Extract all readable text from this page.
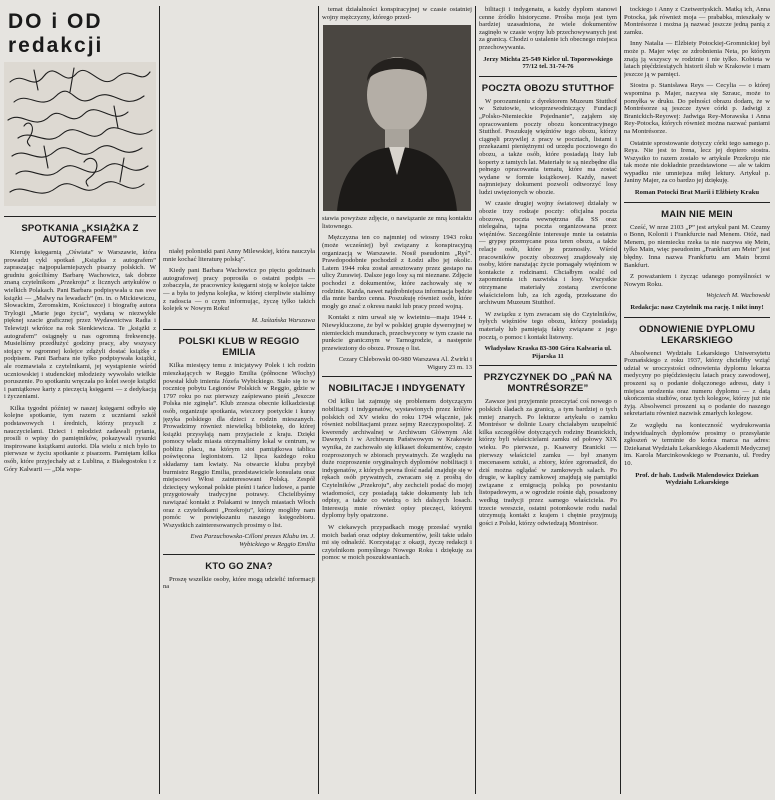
DO i OD
redakcji
SPOTKANIA „KSIĄŻKA Z AUTOGRAFEM”

Kieruję księgarnią „Oświata” w Warszawie, która prowadzi cykl spotkań „Książka z autografem” zapraszając najpopularniejszych pisarzy polskich. W grudniu gościliśmy Barbarę Wachowicz, tak dobrze znaną czytelnikom „Przekroju” z licznych artykułów o wielkich Polakach. Pani Barbara podpisywała u nas swe książki — „Malwy na lewadach” (m. in. o Mickiewiczu, Słowackim, Żeromskim, Kościuszce) i biografię autora Trylogii „Marie jego życia”, wydaną w niezwykłe pięknej szacie graficznej przez Wydawnictwa Radia i Telewizji wkrótce na rok Sienkiewicza. Te „książki z autografem” osiągnęły u nas ogromną frekwencję. Musieliśmy przedłużyć godziny pracy, aby wszyscy stojący w ogromnej kolejce zdążyli dostać książkę z podpisem. Pani Barbara nie tylko podpisywała książki, ale rozmawiała z czytelnikami, jej wystąpienie wśród uczniowskiej i studenckiej młodzieży wywołało wielkie poruszenie. Po spotkaniu wręczała po kolei swoje książki i pamiątkowe karty z pieczęcią księgarni — z dedykacją i życzeniami.

Kilka tygodni później w naszej księgarni odbyło się kolejne spotkanie, tym razem z uczniami szkół podstawowych i średnich, którzy przyszli z nauczycielami. Dzieci i młodzież zadawali pytania, prosili o wpisy do pamiętników, pokazywali rysunki inspirowane książkami autorki. Dla wielu z nich było to pierwsze w życiu spotkanie z pisarzem. Pamiętam kilka osób, które przyjechały aż z Lublina, z Białegostoku i z Góry Kalwarii — „Dla wspa-

niałej polonistki pani Anny Milewskiej, która nauczyła mnie kochać literaturę polską”.

Kiedy pani Barbara Wachowicz po pięciu godzinach autografowej pracy poprosiła o ostatni podpis — zobaczyła, że pracownicy księgarni stoją w kolejce także — a była to jedyna kolejka, w której cierpliwie staliśmy z radoscia — o czym informując, życzę tylko takich kolejek w Nowym Roku!

M. Jaśtańska Warszawa

POLSKI KLUB W REGGIO EMILIA

Kilka miesięcy temu z inicjatywy Polek i ich rodzin mieszkających w Reggio Emilia (północne Włochy) powstał klub imienia Józefa Wybickiego. Stało się to w rocznicę pobytu Legionów Polskich w Reggio, gdzie w 1797 roku po raz pierwszy zaśpiewano pieśń „Jeszcze Polska nie zginęła”. Klub zrzesza obecnie kilkadziesiąt osób, organizuje spotkania, wieczory poetyckie i kursy języka polskiego dla dzieci z rodzin mieszanych. Prowadzimy również niewielką bibliotekę, do której książki przysyłają nam przyjaciele z kraju. Dzięki pomocy władz miasta otrzymaliśmy lokal w centrum, w pobliżu placu, na którym stoi pamiątkowa tablica poświęcona legionistom. 12 lipca każdego roku składamy tam kwiaty. Na otwarcie klubu przybył burmistrz Reggio Emilia, przedstawiciele konsulatu oraz miejscowi Włosi zainteresowani Polską. Zespół dziecięcy wykonał polskie pieśni i tańce ludowe, a panie przygotowały tradycyjne potrawy. Chcielibyśmy nawiązać kontakt z Polakami w innych miastach Włoch oraz z czytelnikami „Przekroju”, którzy mogliby nam pomóc w powiększaniu naszego księgozbioru. Wszystkich zainteresowanych prosimy o list.

Ewa Parzuchowska-Cilloni prezes Klubu im. J. Wybickiego w Reggio Emilia

KTO GO ZNA?

Proszę wszelkie osoby, które mogą udzielić informacji na

temat działalności konspiracyjnej w czasie ostatniej wojny mężczyzny, którego przed-

stawia powyższe zdjęcie, o nawiązanie ze mną kontaktu listownego.

Mężczyzna ten co najmniej od wiosny 1943 roku (może wcześniej) był związany z konspiracyjną organizacją w Warszawie. Nosił pseudonim „Ryś”. Prawdopodobnie pochodził z Łodzi albo jej okolic. Latem 1944 roku został aresztowany przez gestapo na ulicy Żurawiej. Dalsze jego losy są mi nieznane. Zdjęcie pochodzi z dokumentów, które zachowały się w rodzinie. Każda, nawet najdrobniejsza informacja będzie dla mnie bardzo cenna. Poszukuję również osób, które mogły go znać z okresu nauki lub pracy przed wojną.

Kontakt z nim urwał się w kwietniu—maju 1944 r. Niewykluczone, że był w polskiej grupie dywersyjnej w niemieckich mundurach, przechwycony w tym czasie na punkcie granicznym w Tarnogrodzie, a następnie przewieziony do obozu. Proszę o list.

Cezary Chlebowski 00-980 Warszawa Al. Żwirki i Wigury 23 m. 13

NOBILITACJE I INDYGENATY

Od kilku lat zajmuję się problemem dotyczącym nobilitacji i indygenatów, wystawionych przez królów polskich od XV wieku do roku 1794 włącznie, jak również nobilitacjami przez sejmy Rzeczypospolitej. Z kwerendy archiwalnej w Archiwum Głównym Akt Dawnych i w Archiwum Państwowym w Krakowie wynika, że zachowało się kilkaset dokumentów, często rozproszonych w zbiorach prywatnych. Ze względu na duże rozproszenie oryginalnych dyplomów nobilitacji i indygenatów, z których pewna ilość nadal znajduje się w rękach osób prywatnych, zwracam się z prośbą do Czytelników „Przekroju”, aby zechcieli podać do mojej wiadomości, czy posiadają takie dokumenty lub ich odpisy, a także co wiedzą o ich dalszych losach. Interesują mnie również opisy pieczęci, którymi dyplomy były opatrzone.

W ciekawych przypadkach mogę przesłać wyniki moich badań oraz odpisy dokumentów, jeśli takie udało mi się odnaleźć. Korzystając z okazji, życzę redakcji i czytelnikom pomyślnego Nowego Roku i dziękuję za pomoc w moich poszukiwaniach.

bilitacji i indygenatu, a każdy dyplom stanowi cenne źródło historyczne. Prośba moja jest tym bardziej uzasadniona, że wiele dokumentów zaginęło w czasie wojny lub przechowywanych jest za granicą. Chodzi o ustalenie ich obecnego miejsca przechowywania.

Jerzy Michta 25-549 Kielce ul. Toporowskiego 77/12 tel. 31-74-76

POCZTA OBOZU STUTTHOF

W porozumieniu z dyrektorem Muzeum Stutthof w Sztutowie, wiceprzewodniczący Fundacji „Polsko-Niemieckie Pojednanie”, zająłem się opracowaniem poczty obozu koncentracyjnego Stutthof. Poszukuję więźniów tego obozu, którzy ciągnęli przywilej z pracy w pocztach, listami i przekazami pieniężnymi od urzędu pocztowego do obozu, a także osób, które posiadają listy lub koperty z tamtych lat. Materiały te są niezbędne dla pełnego opracowania tematu, które ma zostać wydane w formie książkowej. Każdy, nawet najmniejszy dokument pozwoli odtworzyć losy ludzi uwięzionych w obozie.

W czasie drugiej wojny światowej działały w obozie trzy rodzaje poczty: oficjalna poczta obozowa, poczta wewnętrzna dla SS oraz nielegalna, tajna poczta organizowana przez więźniów. Szczególnie interesuje mnie ta ostatnia — grypsy przemycane poza teren obozu, a także relacje osób, które je przenosiły. Wśród pracowników poczty obozowej znajdowały się osoby, które narażając życie pomagały więźniom w kontakcie z rodzinami. Chciałbym ocalić od zapomnienia ich nazwiska i losy. Wszystkie otrzymane materiały zostaną zwrócone właścicielom lub, za ich zgodą, przekazane do archiwum Muzeum Stutthof.

W związku z tym zwracam się do Czytelników, byłych więźniów tego obozu, którzy posiadają materiały lub pamiętają fakty związane z jego pocztą, o pomoc i kontakt listowny.

Władysław Kraska 83-300 Góra Kalwaria ul. Pijarska 11

PRZYCZYNEK DO „PAŃ NA MONTRÉSORZE”

Zawsze jest przyjemnie przeczytać coś nowego o polskich śladach za granicą, a tym bardziej o tych mniej znanych. Po lekturze artykułu o zamku Montrésor w dolinie Loary chciałabym uzupełnić kilka szczegółów dotyczących rodziny Branickich, którzy byli właścicielami zamku od połowy XIX wieku. Po pierwsze, p. Ksawery Branicki — pierwszy właściciel zamku — był znanym mecenasem sztuki, a zbiory, które zgromadził, do dziś można oglądać w zamkowych salach. Po drugie, w kaplicy zamkowej znajdują się pamiątki związane z emigracją polską po powstaniu listopadowym, a w ogrodzie rośnie dąb, posadzony według tradycji przez samego właściciela. Po trzecie wreszcie, ostatni potomkowie rodu nadal utrzymują kontakt z krajem i chętnie przyjmują gości z Polski, którzy odwiedzają Montrésor.

tockiego i Anny z Czetwertyskich. Matką ich, Anna Potocka, jak również moja — prababka, mieszkały w Montrésorze i można ją nazwać jeszcze jedną panią z zamku.

Inny Natalia — Elżbiety Potockiej-Gromnickiej był może p. Majer więc ze zdrobnienia Neta, po którym znają ją wszyscy w rodzinie i nie tylko. Kobieta w latach pięćdziesiątych historii ślub w Krakowie i mam jeszcze ją w pamięci.

Siostra p. Stanisława Reys — Cecylia — o której wspomina p. Majer, nazywa się Szrauc, może to pomyłka w druku. Do pełności obrazu dodam, że w Montrésorze są jeszcze żywe córki p. Jadwigi z Branickich-Reyowej: Jadwiga Rey-Morawska i Anna Rey-Potocka, których również można nazwać paniami na Montrésorze.

Ostatnie sprostowanie dotyczy córki tego samego p. Reya. Nie jest to Irena, lecz jej dopiero siostra. Wszystko to razem zostało w artykule Przekroju nie tak może nie dokładnie przedstawione — ale w takim wypadku nie umniejsza miłej lektury. Artykuł p. Janiny Majer, za co bardzo jej dziękuję.

Roman Potocki Brat Marii i Elżbiety Kraku

MAIN NIE MEIN

Cześć, W nrze 2103 „P” jest artykuł pani M. Czumy o Bonn, Kolonii i Frankfurcie nad Menem. Otóż, nad Menem, po niemiecku rzeka ta nie nazywa się Mein, tylko Main, więc pseudonim „Frankfurt am Mein” jest błędny. Inna nazwa Frankfurtu am Main brzmi Bankfurt.

Z poważaniem i życząc udanego pomyślności w Nowym Roku.

Wojciech M. Wachowski

Redakcja: nasz Czytelnik ma rację. I nikt inny!

ODNOWIENIE DYPLOMU LEKARSKIEGO

Absolwenci Wydziału Lekarskiego Uniwersytetu Poznańskiego z roku 1937, którzy chcieliby wziąć udział w uroczystości odnowienia dyplomu lekarza medycyny po pięćdziesięciu latach pracy zawodowej, proszeni są o podanie dołączonego adresu, daty i miejsca urodzenia oraz numeru dyplomu — z datą ukończenia studiów, oraz tych kolegow, którzy już nie żyją. Absolwenci proszeni są o podanie do naszego sekretariatu również nazwisk zmarłych kolegow.

Ze względu na konieczność wydrukowania indywidualnych dyplomów prosimy o przesyłanie zgłoszeń w terminie do końca marca na adres: Dziekanat Wydziału Lekarskiego Akademii Medycznej im. Karola Marcinkowskiego w Poznaniu, ul. Fredry 10.

Prof. dr hab. Ludwik Malendowicz Dziekan Wydziału Lekarskiego
